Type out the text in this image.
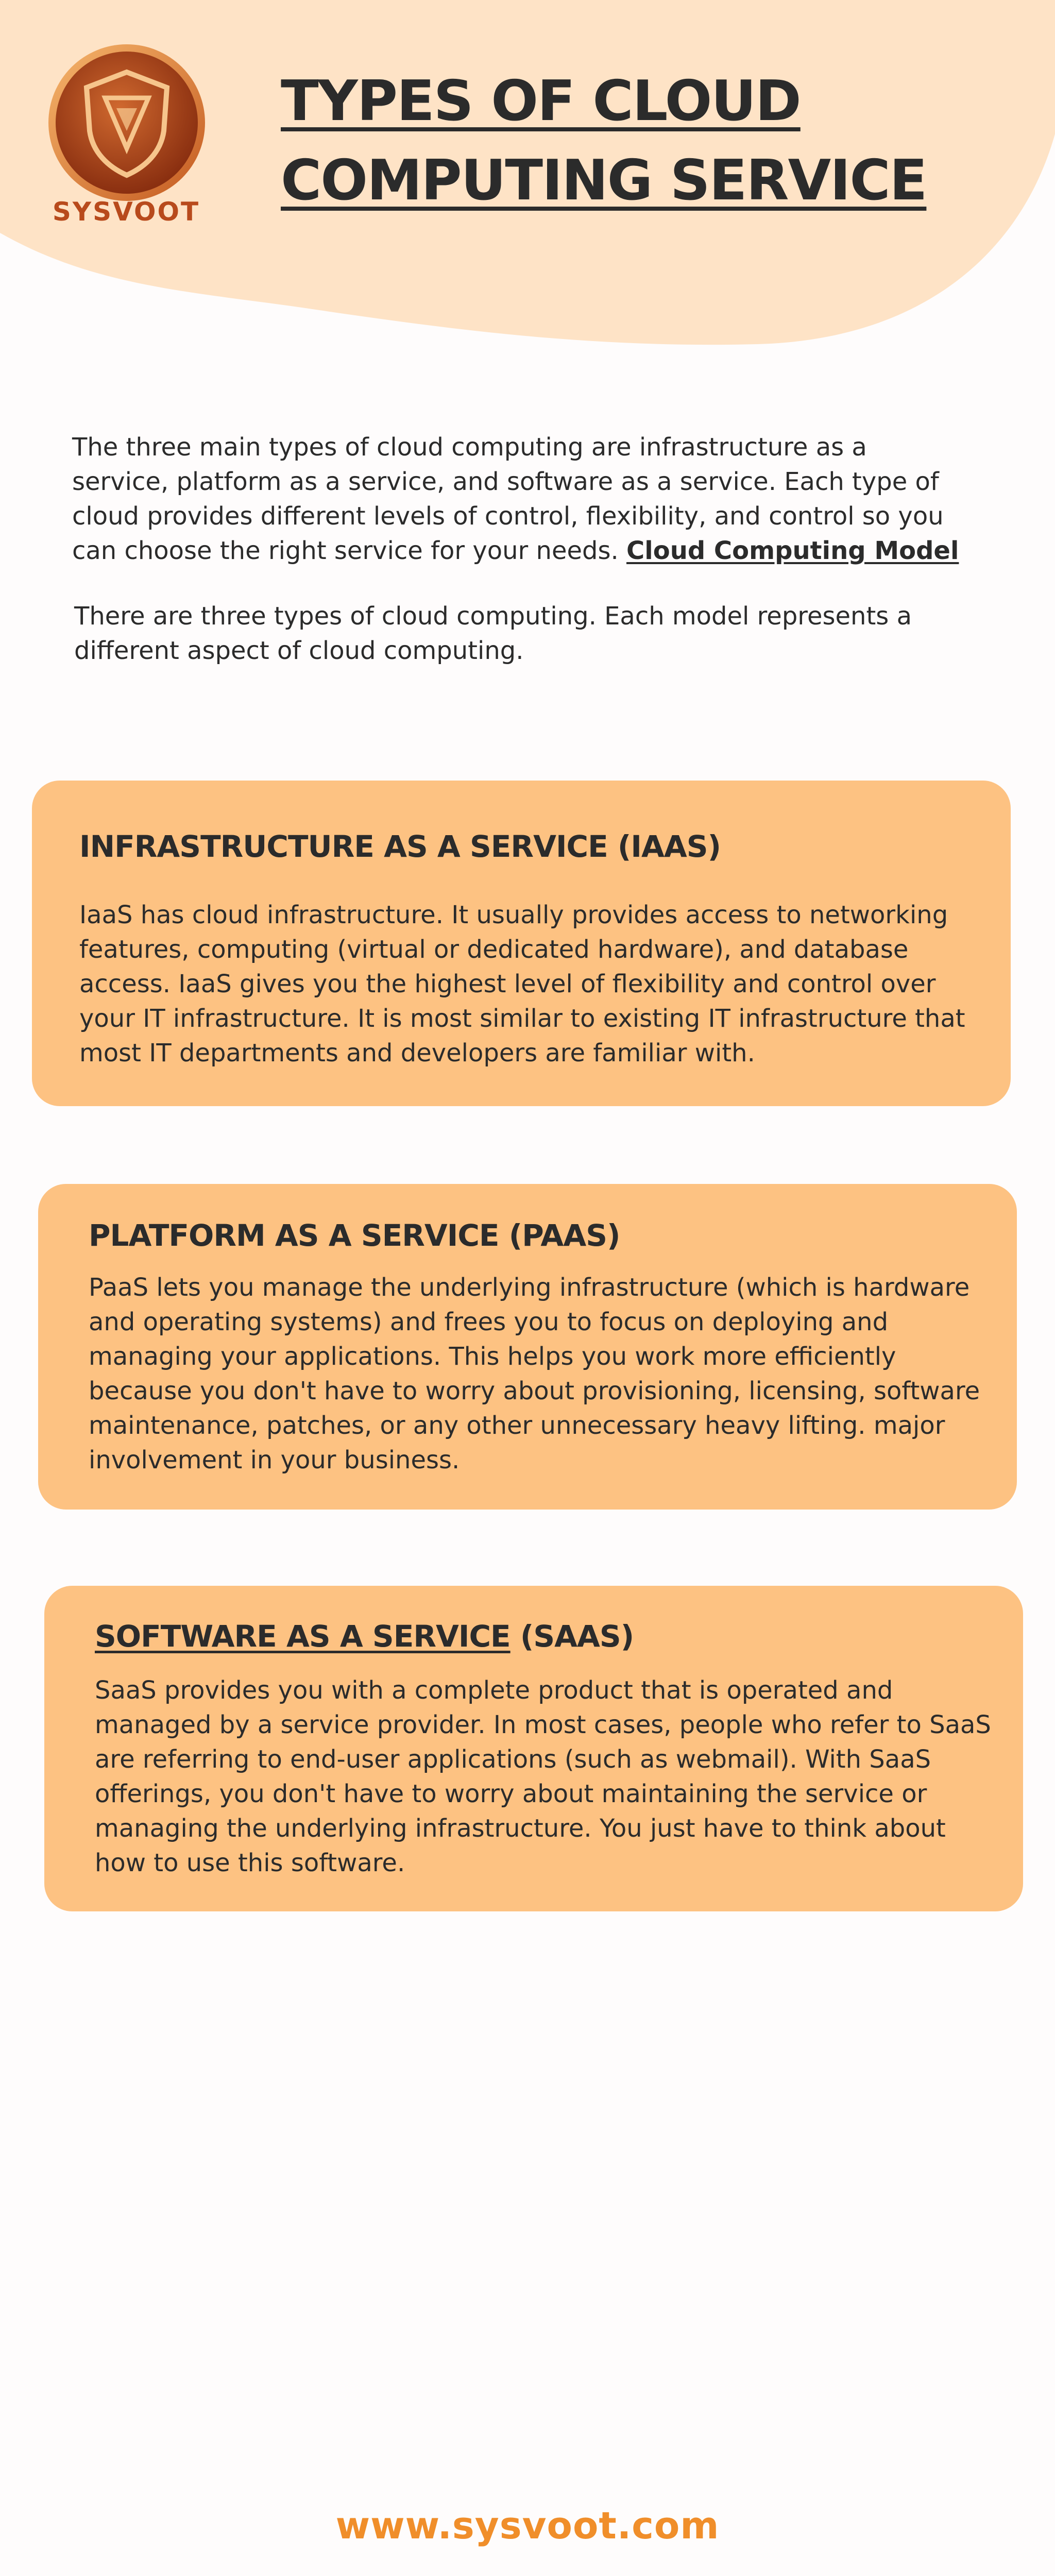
SYSVOOT
TYPES OF CLOUD COMPUTING SERVICE

The three main types of cloud computing are infrastructure as a service, platform as a service, and software as a service. Each type of cloud provides different levels of control, flexibility, and control so you can choose the right service for your needs. Cloud Computing Model

There are three types of cloud computing. Each model represents a different aspect of cloud computing.

INFRASTRUCTURE AS A SERVICE (IAAS)

IaaS has cloud infrastructure. It usually provides access to networking features, computing (virtual or dedicated hardware), and database access. IaaS gives you the highest level of flexibility and control over your IT infrastructure. It is most similar to existing IT infrastructure that most IT departments and developers are familiar with.

PLATFORM AS A SERVICE (PAAS)

PaaS lets you manage the underlying infrastructure (which is hardware and operating systems) and frees you to focus on deploying and managing your applications. This helps you work more efficiently because you don't have to worry about provisioning, licensing, software maintenance, patches, or any other unnecessary heavy lifting. major involvement in your business.

SOFTWARE AS A SERVICE (SAAS)

SaaS provides you with a complete product that is operated and managed by a service provider. In most cases, people who refer to SaaS are referring to end-user applications (such as webmail). With SaaS offerings, you don't have to worry about maintaining the service or managing the underlying infrastructure. You just have to think about how to use this software.

www.sysvoot.com
